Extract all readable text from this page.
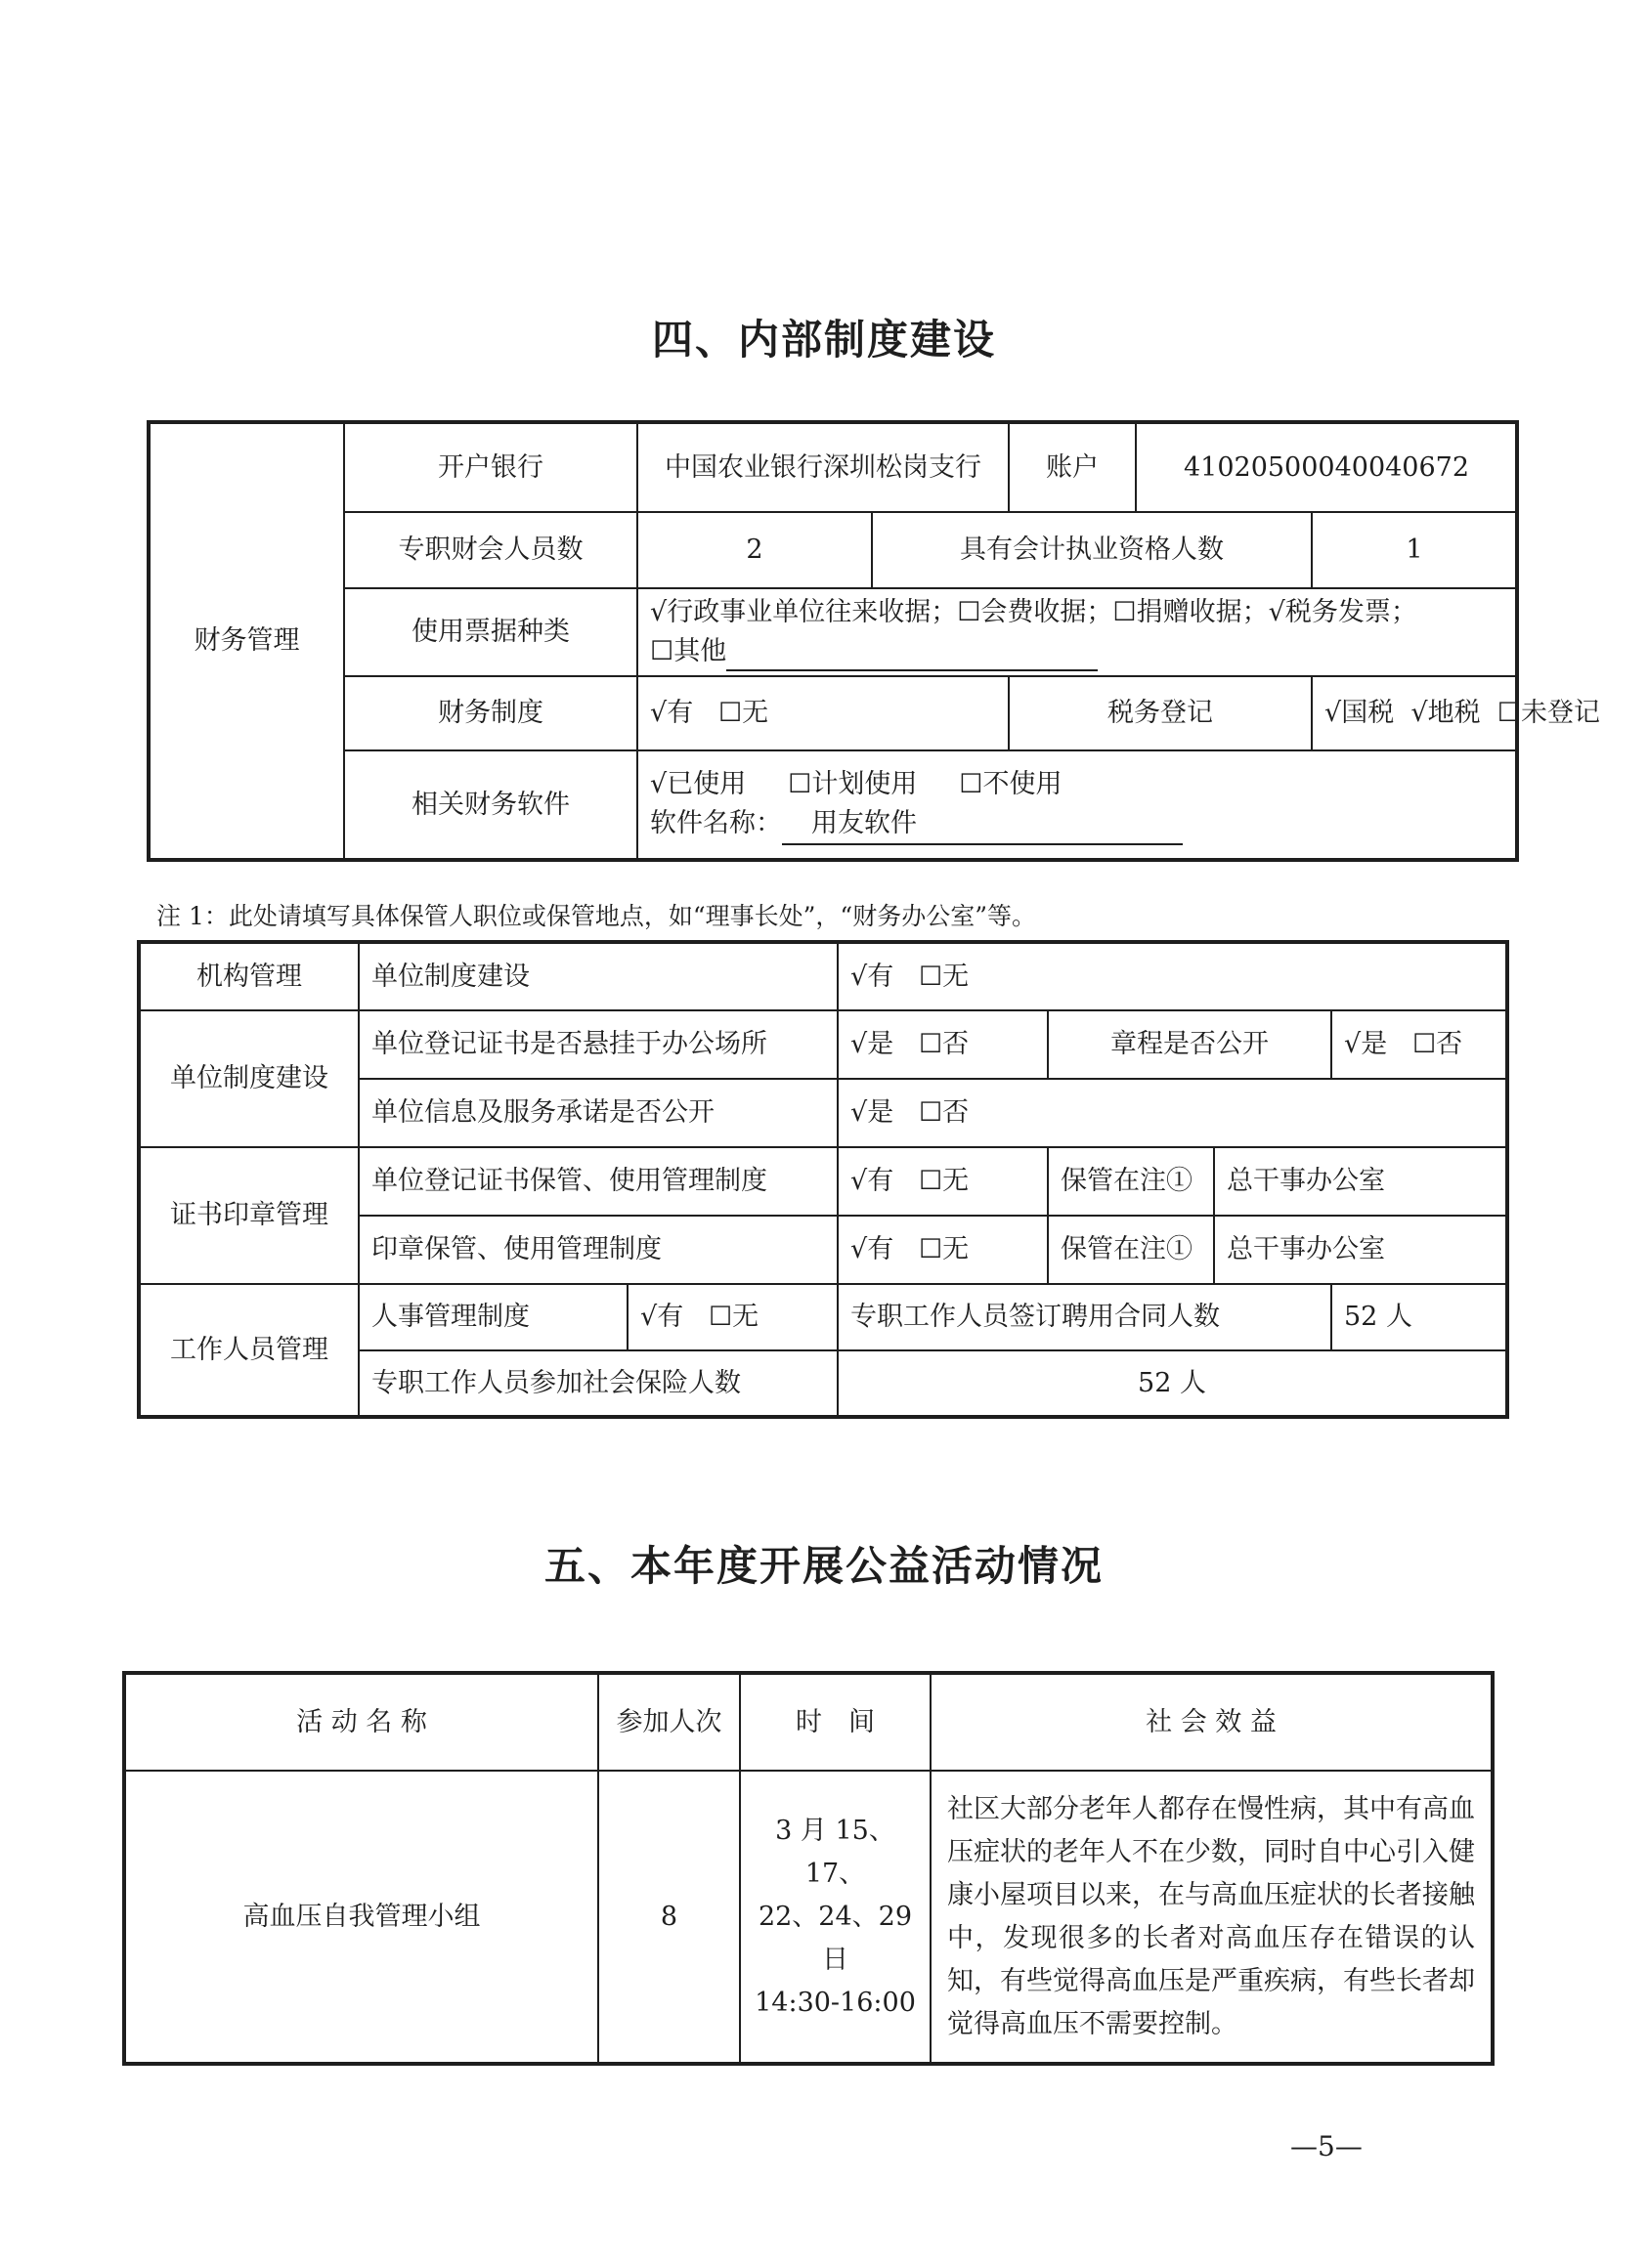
四、内部制度建设
财务管理	开户银行	中国农业银行深圳松岗支行		账户	41020500040040672	
	专职财会人员数	2	具有会计执业资格人数			1
	使用票据种类	√行政事业单位往来收据；☐会费收据；☐捐赠收据；√税务发票；
☐其他				

	财务制度	√有   ☐无		税务登记		√国税  √地税  ☐未登记
	相关财务软件	√已使用     ☐计划使用     ☐不使用
软件名称： 用友软件				
注 1：此处请填写具体保管人职位或保管地点，如“理事长处”，“财务办公室”等。
机构管理	单位制度建设		√有   ☐无			
单位制度建设	单位登记证书是否悬挂于办公场所		√是   ☐否	章程是否公开		√是   ☐否
	单位信息及服务承诺是否公开		√是   ☐否			
证书印章管理	单位登记证书保管、使用管理制度		√有   ☐无	保管在注①	总干事办公室	
	印章保管、使用管理制度		√有   ☐无	保管在注①	总干事办公室	
工作人员管理	人事管理制度	√有   ☐无	专职工作人员签订聘用合同人数			52 人
	专职工作人员参加社会保险人数		52 人			
五、本年度开展公益活动情况
活 动 名 称	参加人次	时　间	社 会 效 益
高血压自我管理小组	8	3 月 15、17、
22、24、29
日
14:30-16:00	社区大部分老年人都存在慢性病，其中有高血压症状的老年人不在少数，同时自中心引入健康小屋项目以来，在与高血压症状的长者接触中，发现很多的长者对高血压存在错误的认知，有些觉得高血压是严重疾病，有些长者却觉得高血压不需要控制。
—5—
